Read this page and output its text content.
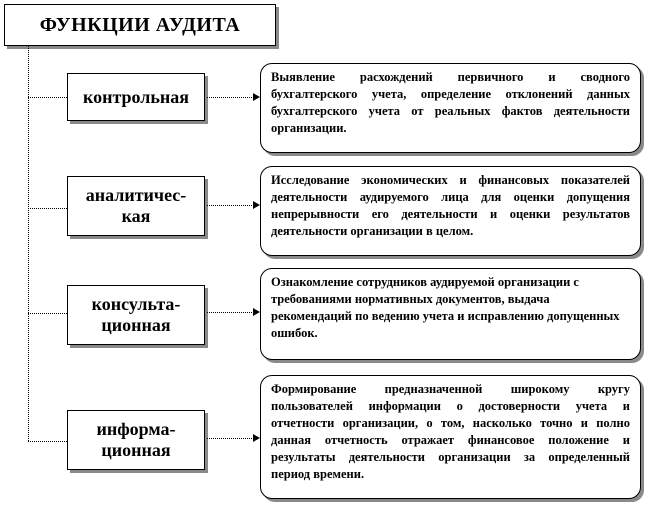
ФУНКЦИИ АУДИТА
контрольная
Выявление расхождений первичного и сводного бухгалтерского учета, определение отклонений данных бухгалтерского учета от реальных фактов деятельности организации.
аналитичес-
кая
Исследование экономических и финансовых показателей деятельности аудируемого лица для оценки допущения непрерывности его деятельности и оценки результатов деятельности организации в целом.
консульта-
ционная
Ознакомление сотрудников аудируемой организации с требованиями нормативных документов, выдача рекомендаций по ведению учета и исправлению допущенных ошибок.
информа-
ционная
Формирование предназначенной широкому кругу пользователей информации о достоверности учета и отчетности организации, о том, насколько точно и полно данная отчетность отражает финансовое положение и результаты деятельности организации за определенный период времени.
